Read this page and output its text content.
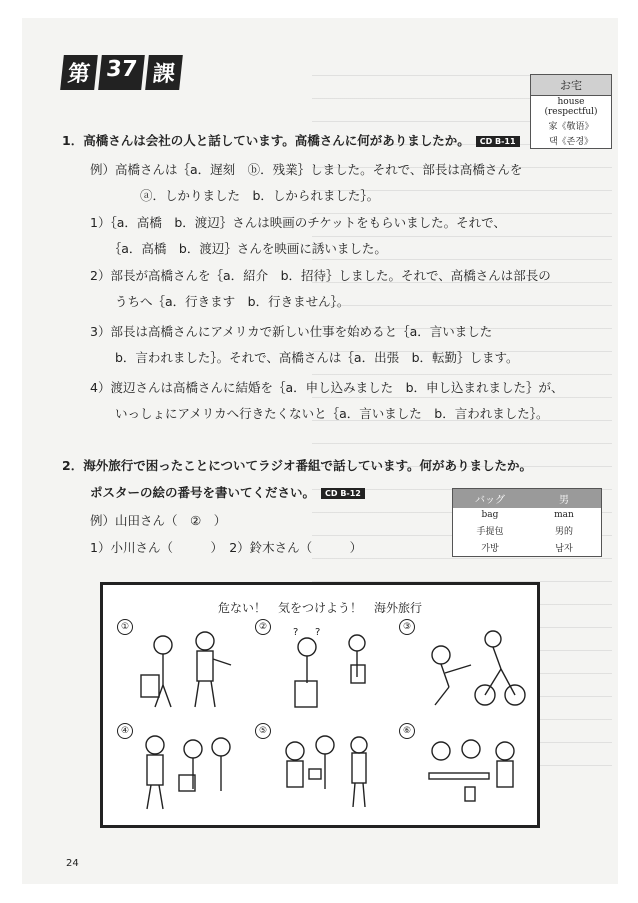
第 37 課	お宅
house (respectful)
家《敬语》
댁《존경》
1．高橋さんは会社の人と話しています。高橋さんに何がありましたか。 CD B-11
例）高橋さんは｛a．遅刻　ⓑ．残業｝しました。それで、部長は高橋さんを
　　　　ⓐ．しかりました　b．しかられました｝。
1）｛a．高橋　b．渡辺｝さんは映画のチケットをもらいました。それで、
　　｛a．高橋　b．渡辺｝さんを映画に誘いました。
2）部長が高橋さんを｛a．紹介　b．招待｝しました。それで、高橋さんは部長の
　　うちへ｛a．行きます　b．行きません｝。
3）部長は高橋さんにアメリカで新しい仕事を始めると｛a．言いました
　　b．言われました｝。それで、高橋さんは｛a．出張　b．転勤｝します。
4）渡辺さんは高橋さんに結婚を｛a．申し込みました　b．申し込まれました｝が、
　　いっしょにアメリカへ行きたくないと｛a．言いました　b．言われました｝。
2．海外旅行で困ったことについてラジオ番組で話しています。何がありましたか。
ポスターの絵の番号を書いてください。 CD B-12
バッグ	男
bag	man
手提包	男的
가방	남자
例）山田さん（　②　）
1）小川さん（　　　）　2）鈴木さん（　　　）
危ない！　気をつけよう！　海外旅行
①	②	③
④	⑤	⑥
? ?
24
